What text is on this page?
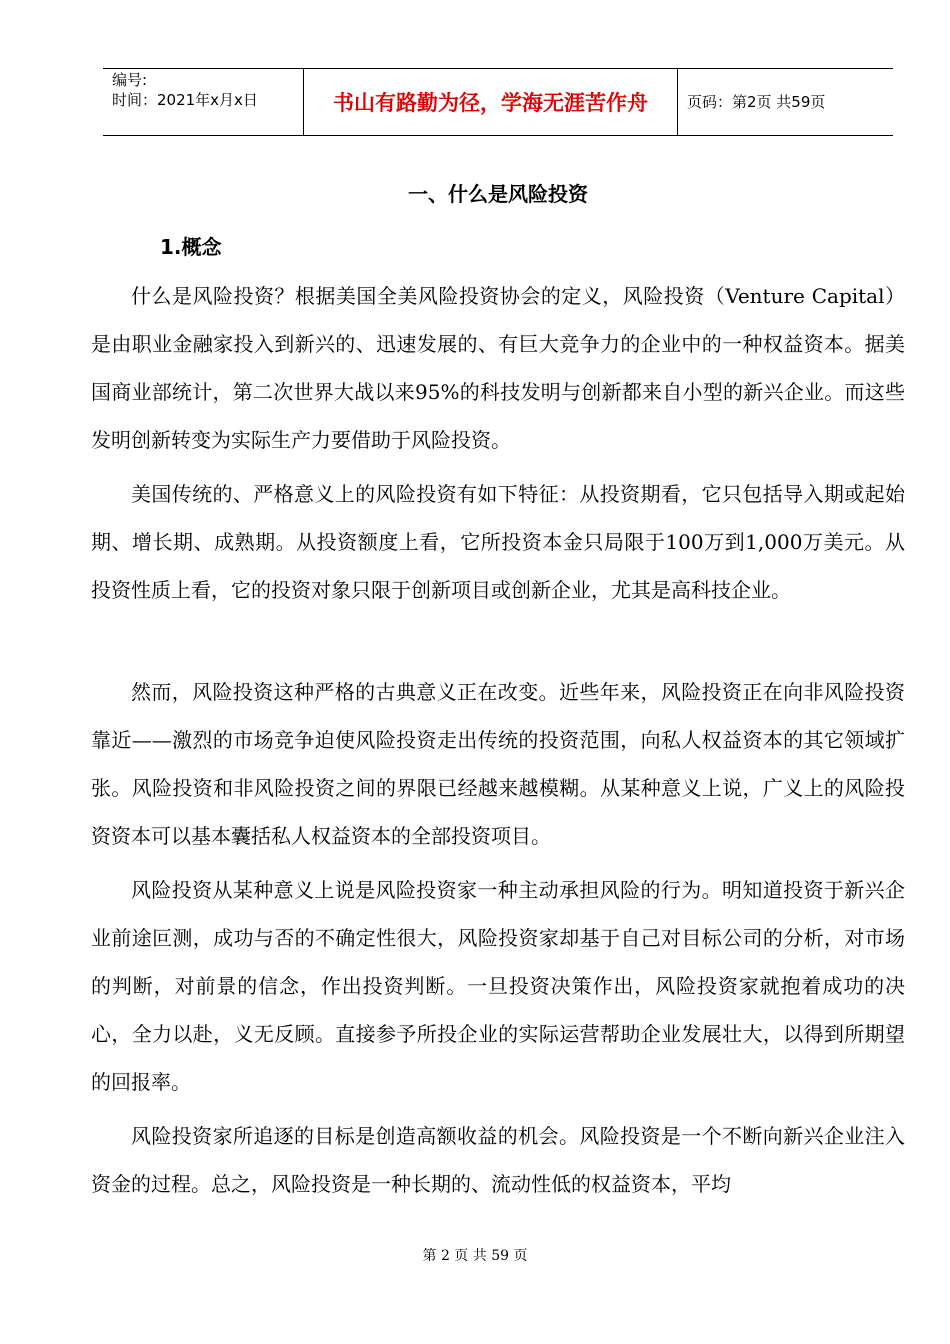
编号:
时间：2021年x月x日	书山有路勤为径，学海无涯苦作舟	页码：第2页 共59页
一、什么是风险投资
1.概念

什么是风险投资？根据美国全美风险投资协会的定义，风险投资（Venture Capital）是由职业金融家投入到新兴的、迅速发展的、有巨大竞争力的企业中的一种权益资本。据美国商业部统计，第二次世界大战以来95%的科技发明与创新都来自小型的新兴企业。而这些发明创新转变为实际生产力要借助于风险投资。

美国传统的、严格意义上的风险投资有如下特征：从投资期看，它只包括导入期或起始期、增长期、成熟期。从投资额度上看，它所投资本金只局限于100万到1,000万美元。从投资性质上看，它的投资对象只限于创新项目或创新企业，尤其是高科技企业。

然而，风险投资这种严格的古典意义正在改变。近些年来，风险投资正在向非风险投资靠近——激烈的市场竞争迫使风险投资走出传统的投资范围，向私人权益资本的其它领域扩张。风险投资和非风险投资之间的界限已经越来越模糊。从某种意义上说，广义上的风险投资资本可以基本囊括私人权益资本的全部投资项目。

风险投资从某种意义上说是风险投资家一种主动承担风险的行为。明知道投资于新兴企业前途叵测，成功与否的不确定性很大，风险投资家却基于自己对目标公司的分析，对市场的判断，对前景的信念，作出投资判断。一旦投资决策作出，风险投资家就抱着成功的决心，全力以赴，义无反顾。直接参予所投企业的实际运营帮助企业发展壮大，以得到所期望的回报率。

风险投资家所追逐的目标是创造高额收益的机会。风险投资是一个不断向新兴企业注入资金的过程。总之，风险投资是一种长期的、流动性低的权益资本，平均

第 2 页 共 59 页
